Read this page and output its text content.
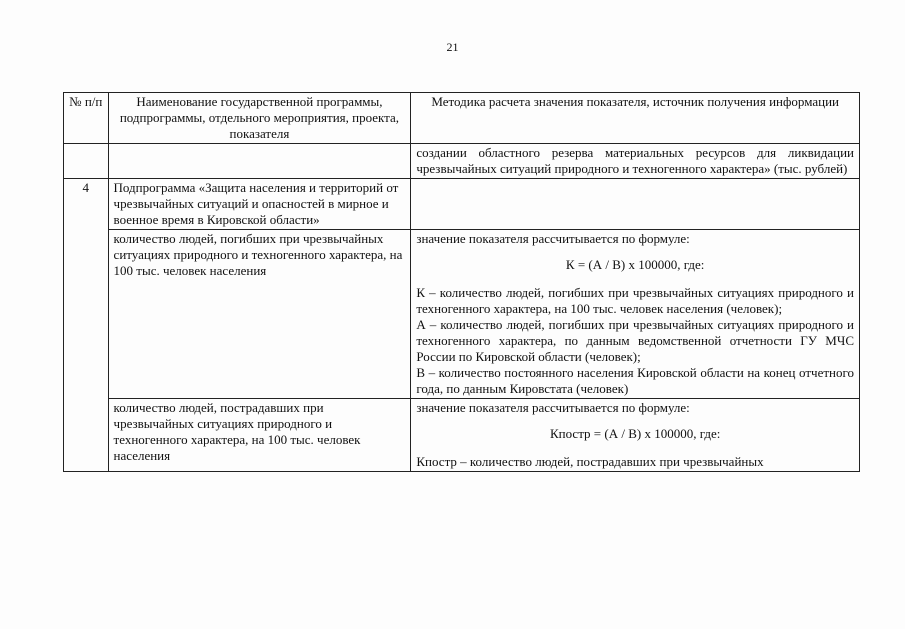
21
№ п/п	Наименование государственной программы, подпрограммы, отдельного мероприятия, проекта, показателя	Методика расчета значения показателя, источник получения информации
		создании областного резерва материальных ресурсов для ликвидации чрезвычайных ситуаций природного и техногенного характера» (тыс. рублей)
4	Подпрограмма «Защита населения и территорий от чрезвычайных ситуаций и опасностей в мирное и военное время в Кировской области»	
	количество людей, погибших при чрезвычайных ситуациях природного и техногенного характера, на 100 тыс. человек населения	значение показателя рассчитывается по формуле:

К = (А / В) х 100000, где:

К – количество людей, погибших при чрезвычайных ситуациях природного и техногенного характера, на 100 тыс. человек населения (человек);

А – количество людей, погибших при чрезвычайных ситуациях природного и техногенного характера, по данным ведомственной отчетности ГУ МЧС России по Кировской области (человек);

В – количество постоянного населения Кировской области на конец отчетного года, по данным Кировстата (человек)

	количество людей, пострадавших при чрезвычайных ситуациях природного и техногенного характера, на 100 тыс. человек населения	значение показателя рассчитывается по формуле:

Кпостр = (А / В) х 100000, где:

Кпостр – количество людей, пострадавших при чрезвычайных
